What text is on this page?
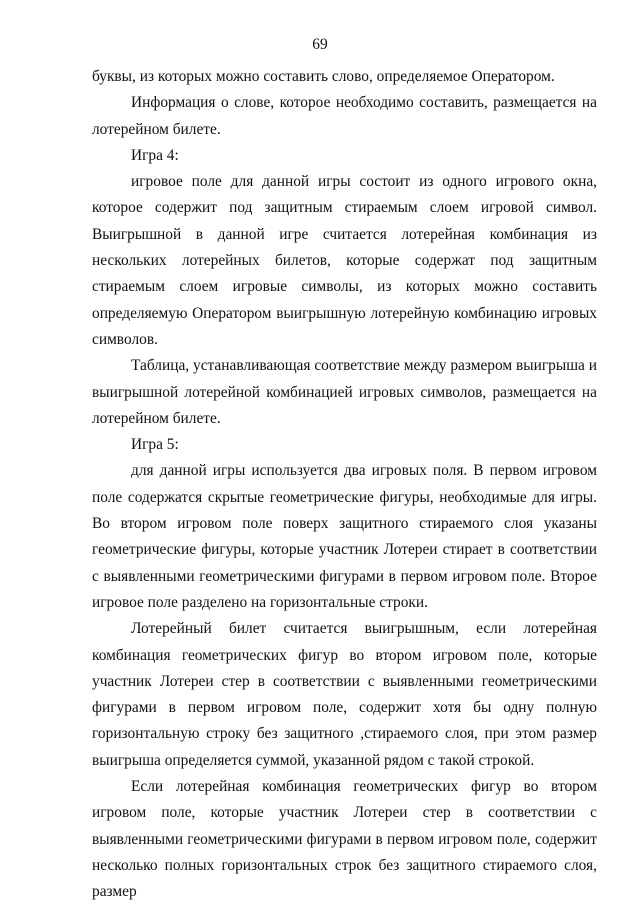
69

буквы, из которых можно составить слово, определяемое Оператором.

Информация о слове, которое необходимо составить, размещается на лотерейном билете.

Игра 4:

игровое поле для данной игры состоит из одного игрового окна, которое содержит под защитным стираемым слоем игровой символ. Выигрышной в данной игре считается лотерейная комбинация из нескольких лотерейных билетов, которые содержат под защитным стираемым слоем игровые символы, из которых можно составить определяемую Оператором выигрышную лотерейную комбинацию игровых символов.

Таблица, устанавливающая соответствие между размером выигрыша и выигрышной лотерейной комбинацией игровых символов, размещается на лотерейном билете.

Игра 5:

для данной игры используется два игровых поля. В первом игровом поле содержатся скрытые геометрические фигуры, необходимые для игры. Во втором игровом поле поверх защитного стираемого слоя указаны геометрические фигуры, которые участник Лотереи стирает в соответствии с выявленными геометрическими фигурами в первом игровом поле. Второе игровое поле разделено на горизонтальные строки.

Лотерейный билет считается выигрышным, если лотерейная комбинация геометрических фигур во втором игровом поле, которые участник Лотереи стер в соответствии с выявленными геометрическими фигурами в первом игровом поле, содержит хотя бы одну полную горизонтальную строку без защитного ,стираемого слоя, при этом размер выигрыша определяется суммой, указанной рядом с такой строкой.

Если лотерейная комбинация геометрических фигур во втором игровом поле, которые участник Лотереи стер в соответствии с выявленными геометрическими фигурами в первом игровом поле, содержит несколько полных горизонтальных строк без защитного стираемого слоя, размер
